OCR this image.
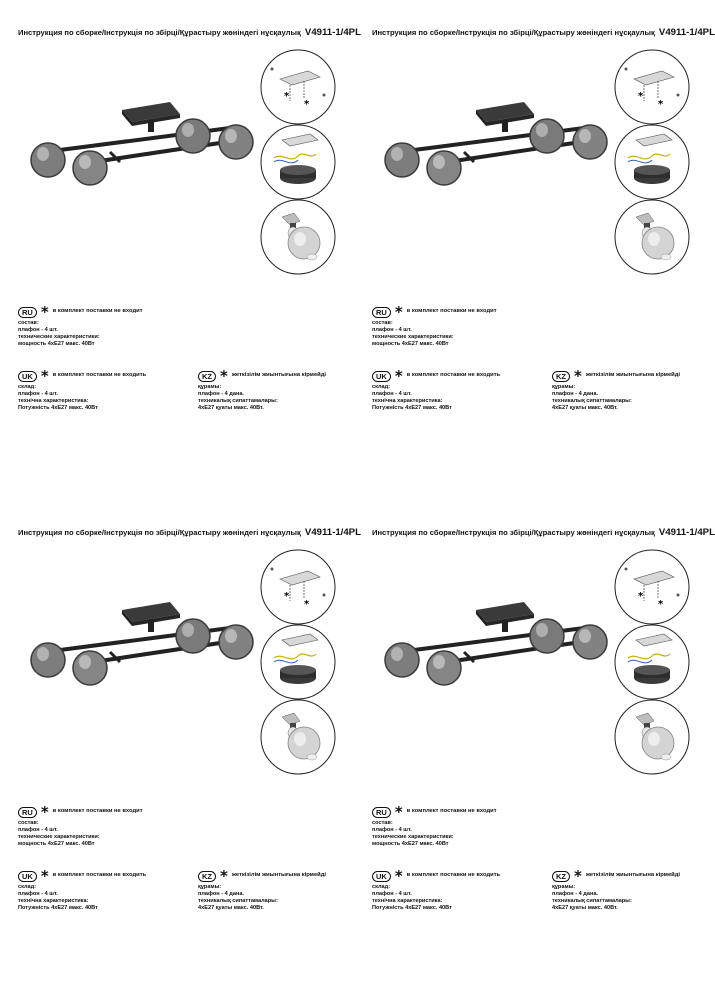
Инструкция по сборке/Інструкція по збірці/Құрастыру жөніндегі нұсқаулық V4911-1/4PL
*
*
RU * в комплект поставки не входит
состав:
плафон - 4 шт.
технические характеристики:
мощность 4хЕ27 макс. 40Вт
UK * в комплект поставки не входить
склад:
плафон - 4 шт.
технічна характеристика:
Потужність 4хЕ27 макс. 40Вт
KZ * жеткізілім жиынтығына кірмейді
құрамы:
плафон - 4 дана.
техникалық сипаттамалары:
4хЕ27 қуаты макс. 40Вт.
Инструкция по сборке/Інструкція по збірці/Құрастыру жөніндегі нұсқаулық V4911-1/4PL
*
*
RU * в комплект поставки не входит
состав:
плафон - 4 шт.
технические характеристики:
мощность 4хЕ27 макс. 40Вт
UK * в комплект поставки не входить
склад:
плафон - 4 шт.
технічна характеристика:
Потужність 4хЕ27 макс. 40Вт
KZ * жеткізілім жиынтығына кірмейді
құрамы:
плафон - 4 дана.
техникалық сипаттамалары:
4хЕ27 қуаты макс. 40Вт.
Инструкция по сборке/Інструкція по збірці/Құрастыру жөніндегі нұсқаулық V4911-1/4PL
*
*
RU * в комплект поставки не входит
состав:
плафон - 4 шт.
технические характеристики:
мощность 4хЕ27 макс. 40Вт
UK * в комплект поставки не входить
склад:
плафон - 4 шт.
технічна характеристика:
Потужність 4хЕ27 макс. 40Вт
KZ * жеткізілім жиынтығына кірмейді
құрамы:
плафон - 4 дана.
техникалық сипаттамалары:
4хЕ27 қуаты макс. 40Вт.
Инструкция по сборке/Інструкція по збірці/Құрастыру жөніндегі нұсқаулық V4911-1/4PL
*
*
RU * в комплект поставки не входит
состав:
плафон - 4 шт.
технические характеристики:
мощность 4хЕ27 макс. 40Вт
UK * в комплект поставки не входить
склад:
плафон - 4 шт.
технічна характеристика:
Потужність 4хЕ27 макс. 40Вт
KZ * жеткізілім жиынтығына кірмейді
құрамы:
плафон - 4 дана.
техникалық сипаттамалары:
4хЕ27 қуаты макс. 40Вт.
